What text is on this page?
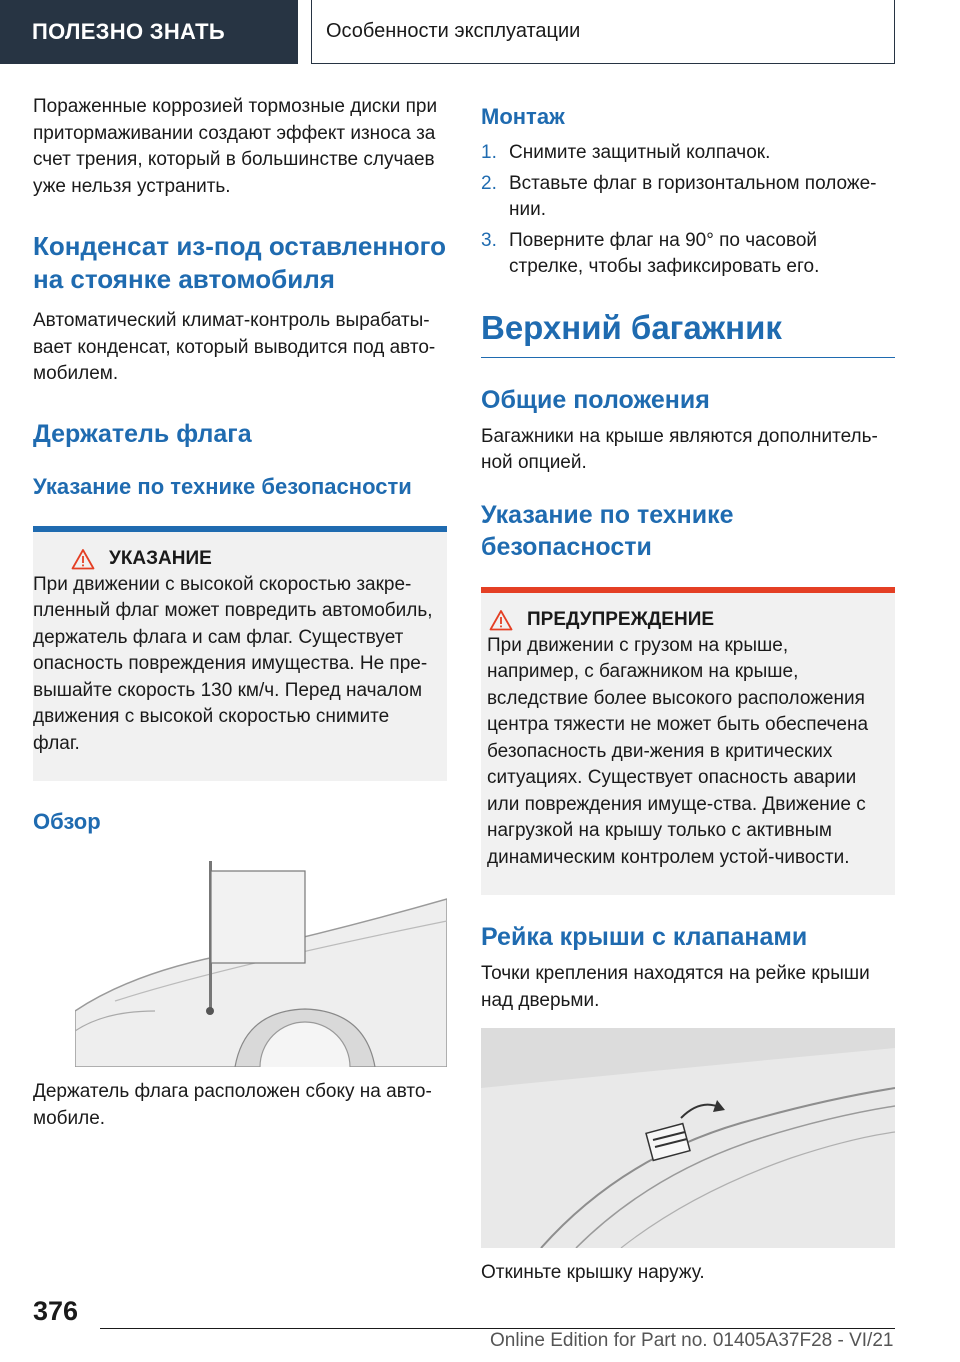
ПОЛЕЗНО ЗНАТЬ	Особенности эксплуатации

Пораженные коррозией тормозные диски при притормаживании создают эффект износа за счет трения, который в большинстве случаев уже нельзя устранить.

Конденсат из-под оставленного на стоянке автомобиля

Автоматический климат-контроль вырабаты-вает конденсат, который выводится под авто-мобилем.

Держатель флага
Указание по технике безопасности
УКАЗАНИЕ

При движении с высокой скоростью закре-пленный флаг может повредить автомобиль, держатель флага и сам флаг. Существует опасность повреждения имущества. Не пре-вышайте скорость 130 км/ч. Перед началом движения с высокой скоростью снимите флаг.

Обзор

Держатель флага расположен сбоку на авто-мобиле.

Монтаж
1. Снимите защитный колпачок.
2. Вставьте флаг в горизонтальном положе-нии.
3. Поверните флаг на 90° по часовой стрелке, чтобы зафиксировать его.
Верхний багажник
Общие положения

Багажники на крыше являются дополнитель-ной опцией.

Указание по технике безопасности
ПРЕДУПРЕЖДЕНИЕ

При движении с грузом на крыше, например, с багажником на крыше, вследствие более высокого расположения центра тяжести не может быть обеспечена безопасность дви-жения в критических ситуациях. Существует опасность аварии или повреждения имуще-ства. Движение с нагрузкой на крышу только с активным динамическим контролем устой-чивости.

Рейка крыши с клапанами

Точки крепления находятся на рейке крыши над дверьми.

Откиньте крышку наружу.

376
Online Edition for Part no. 01405A37F28 - VI/21
